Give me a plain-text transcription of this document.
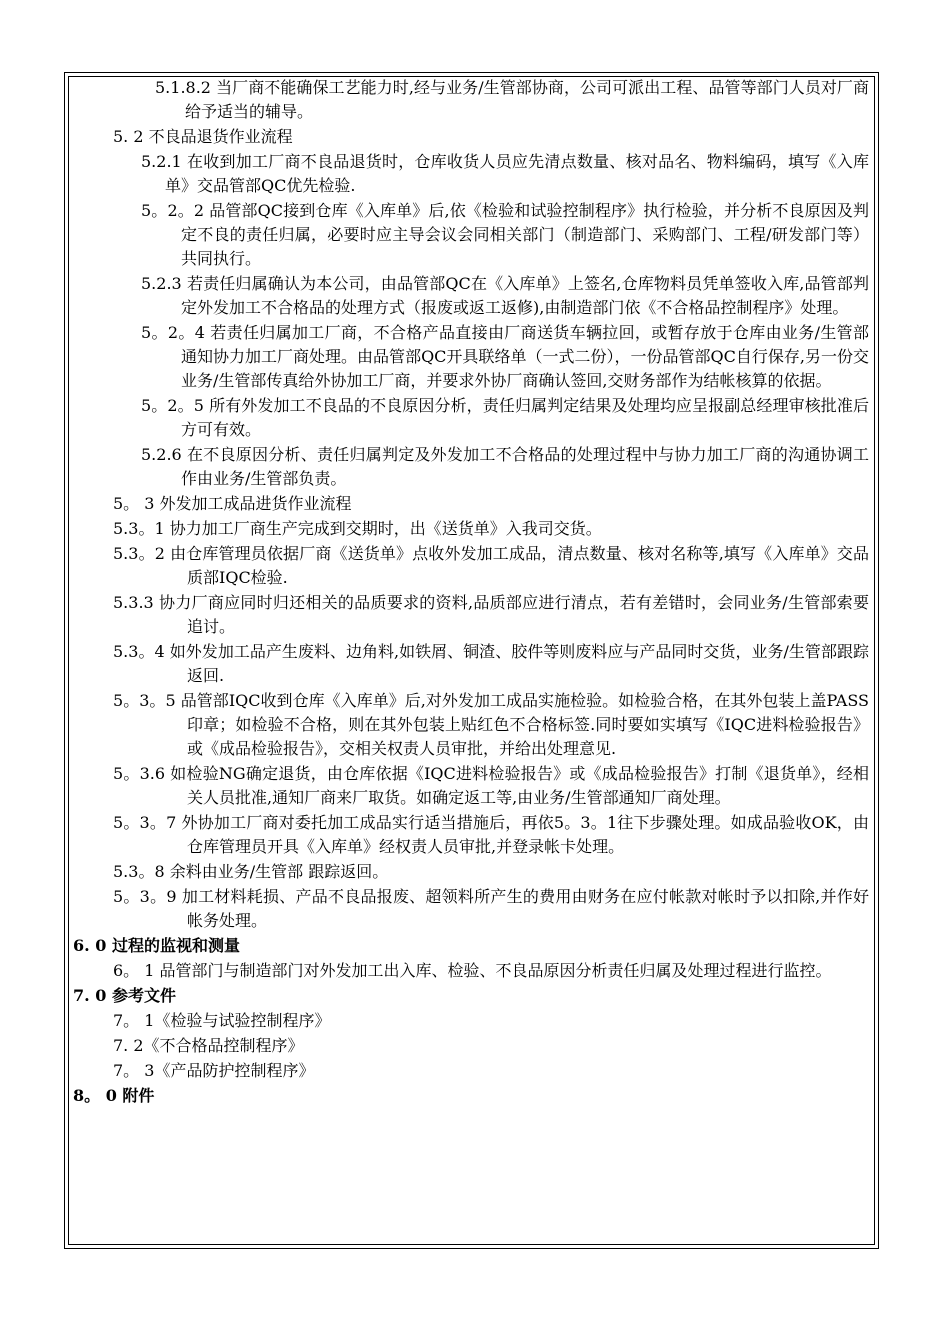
5.1.8.2 当厂商不能确保工艺能力时,经与业务/生管部协商，公司可派出工程、品管等部门人员对厂商给予适当的辅导。

5. 2 不良品退货作业流程

5.2.1 在收到加工厂商不良品退货时，仓库收货人员应先清点数量、核对品名、物料编码，填写《入库单》交品管部QC优先检验.

5。2。2 品管部QC接到仓库《入库单》后,依《检验和试验控制程序》执行检验，并分析不良原因及判定不良的责任归属，必要时应主导会议会同相关部门（制造部门、采购部门、工程/研发部门等）共同执行。

5.2.3 若责任归属确认为本公司，由品管部QC在《入库单》上签名,仓库物料员凭单签收入库,品管部判定外发加工不合格品的处理方式（报废或返工返修),由制造部门依《不合格品控制程序》处理。

5。2。4 若责任归属加工厂商，不合格产品直接由厂商送货车辆拉回，或暂存放于仓库由业务/生管部通知协力加工厂商处理。由品管部QC开具联络单（一式二份），一份品管部QC自行保存,另一份交业务/生管部传真给外协加工厂商，并要求外协厂商确认签回,交财务部作为结帐核算的依据。

5。2。5 所有外发加工不良品的不良原因分析，责任归属判定结果及处理均应呈报副总经理审核批准后方可有效。

5.2.6 在不良原因分析、责任归属判定及外发加工不合格品的处理过程中与协力加工厂商的沟通协调工作由业务/生管部负责。

5。 3 外发加工成品进货作业流程

5.3。1 协力加工厂商生产完成到交期时，出《送货单》入我司交货。

5.3。2 由仓库管理员依据厂商《送货单》点收外发加工成品，清点数量、核对名称等,填写《入库单》交品质部IQC检验.

5.3.3 协力厂商应同时归还相关的品质要求的资料,品质部应进行清点，若有差错时，会同业务/生管部索要追讨。

5.3。4 如外发加工品产生废料、边角料,如铁屑、铜渣、胶件等则废料应与产品同时交货，业务/生管部跟踪返回.

5。3。5 品管部IQC收到仓库《入库单》后,对外发加工成品实施检验。如检验合格，在其外包装上盖PASS印章；如检验不合格，则在其外包装上贴红色不合格标签.同时要如实填写《IQC进料检验报告》或《成品检验报告》，交相关权责人员审批，并给出处理意见.

5。3.6 如检验NG确定退货，由仓库依据《IQC进料检验报告》或《成品检验报告》打制《退货单》，经相关人员批准,通知厂商来厂取货。如确定返工等,由业务/生管部通知厂商处理。

5。3。7 外协加工厂商对委托加工成品实行适当措施后，再依5。3。1往下步骤处理。如成品验收OK，由仓库管理员开具《入库单》经权责人员审批,并登录帐卡处理。

5.3。8 余料由业务/生管部 跟踪返回。

5。3。9 加工材料耗损、产品不良品报废、超领料所产生的费用由财务在应付帐款对帐时予以扣除,并作好帐务处理。

6. 0 过程的监视和测量

6。 1 品管部门与制造部门对外发加工出入库、检验、不良品原因分析责任归属及处理过程进行监控。

7. 0 参考文件

7。 1《检验与试验控制程序》

7. 2《不合格品控制程序》

7。 3《产品防护控制程序》

8。 0 附件
